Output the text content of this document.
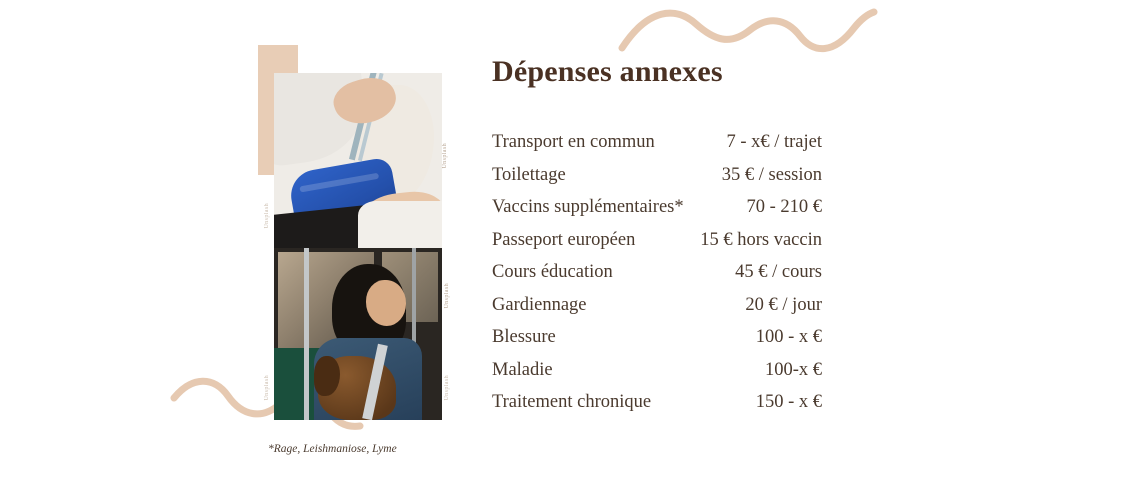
Unsplash
Unsplash
Unsplash
Unsplash	Unsplash
*Rage, Leishmaniose, Lyme
Dépenses annexes
Transport en commun	7 - x€ / trajet
Toilettage	35 € / session
Vaccins supplémentaires*	70 - 210 €
Passeport européen	15 € hors vaccin
Cours éducation	45 € / cours
Gardiennage	20 € / jour
Blessure	100 - x €
Maladie	100-x €
Traitement chronique	150 - x €
